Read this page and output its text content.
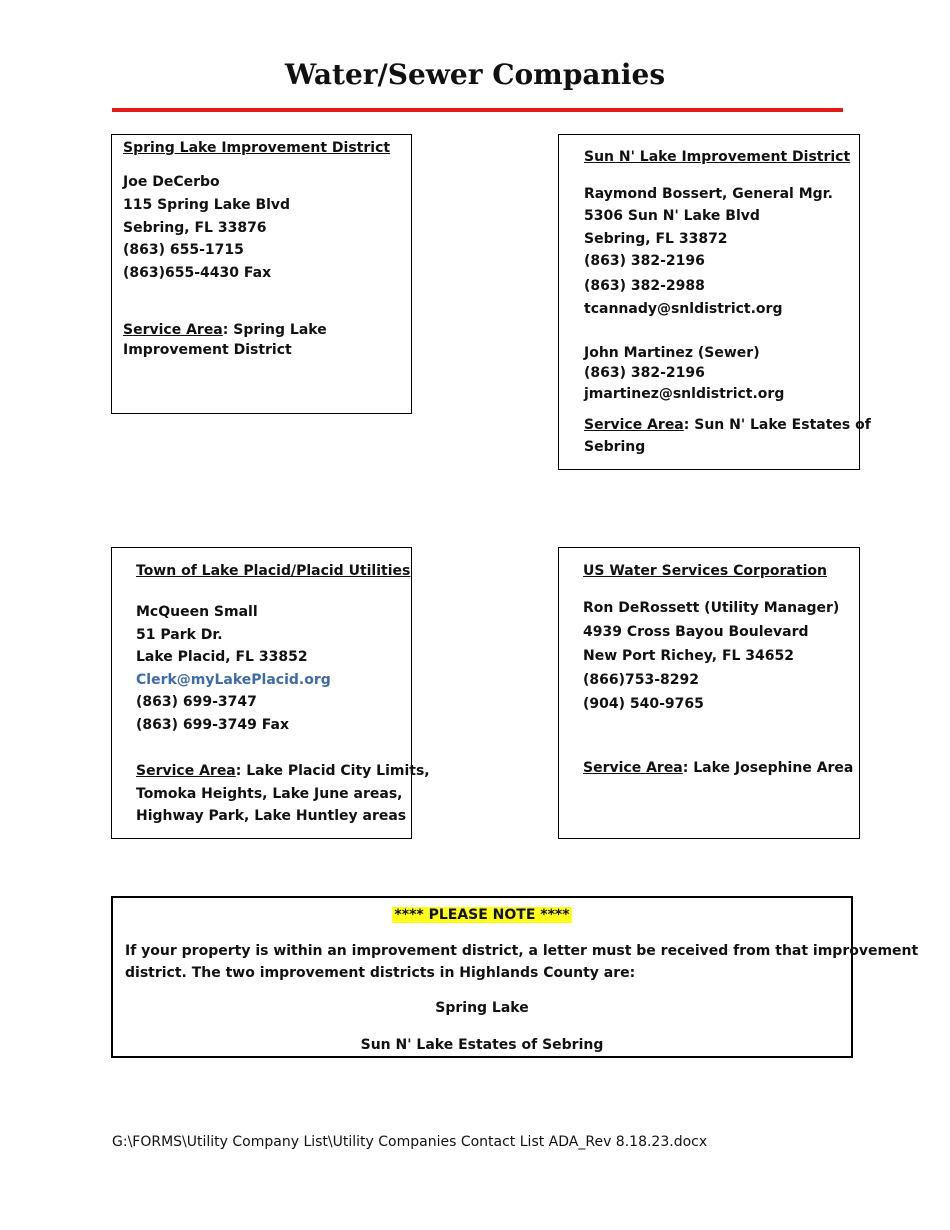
Water/Sewer Companies

Spring Lake Improvement District

Joe DeCerbo

115 Spring Lake Blvd

Sebring, FL 33876

(863) 655-1715

(863)655-4430 Fax

Service Area: Spring Lake

Improvement District

Sun N' Lake Improvement District

Raymond Bossert, General Mgr.

5306 Sun N' Lake Blvd

Sebring, FL 33872

(863) 382-2196

(863) 382-2988

tcannady@snldistrict.org

John Martinez (Sewer)

(863) 382-2196

jmartinez@snldistrict.org

Service Area: Sun N' Lake Estates of

Sebring

Town of Lake Placid/Placid Utilities

McQueen Small

51 Park Dr.

Lake Placid, FL 33852

Clerk@myLakePlacid.org

(863) 699-3747

(863) 699-3749 Fax

Service Area: Lake Placid City Limits,

Tomoka Heights, Lake June areas,

Highway Park, Lake Huntley areas

US Water Services Corporation

Ron DeRossett (Utility Manager)

4939 Cross Bayou Boulevard

New Port Richey, FL 34652

(866)753-8292

(904) 540-9765

Service Area: Lake Josephine Area

**** PLEASE NOTE ****

If your property is within an improvement district, a letter must be received from that improvement

district. The two improvement districts in Highlands County are:

Spring Lake

Sun N' Lake Estates of Sebring

G:\FORMS\Utility Company List\Utility Companies Contact List ADA_Rev 8.18.23.docx
